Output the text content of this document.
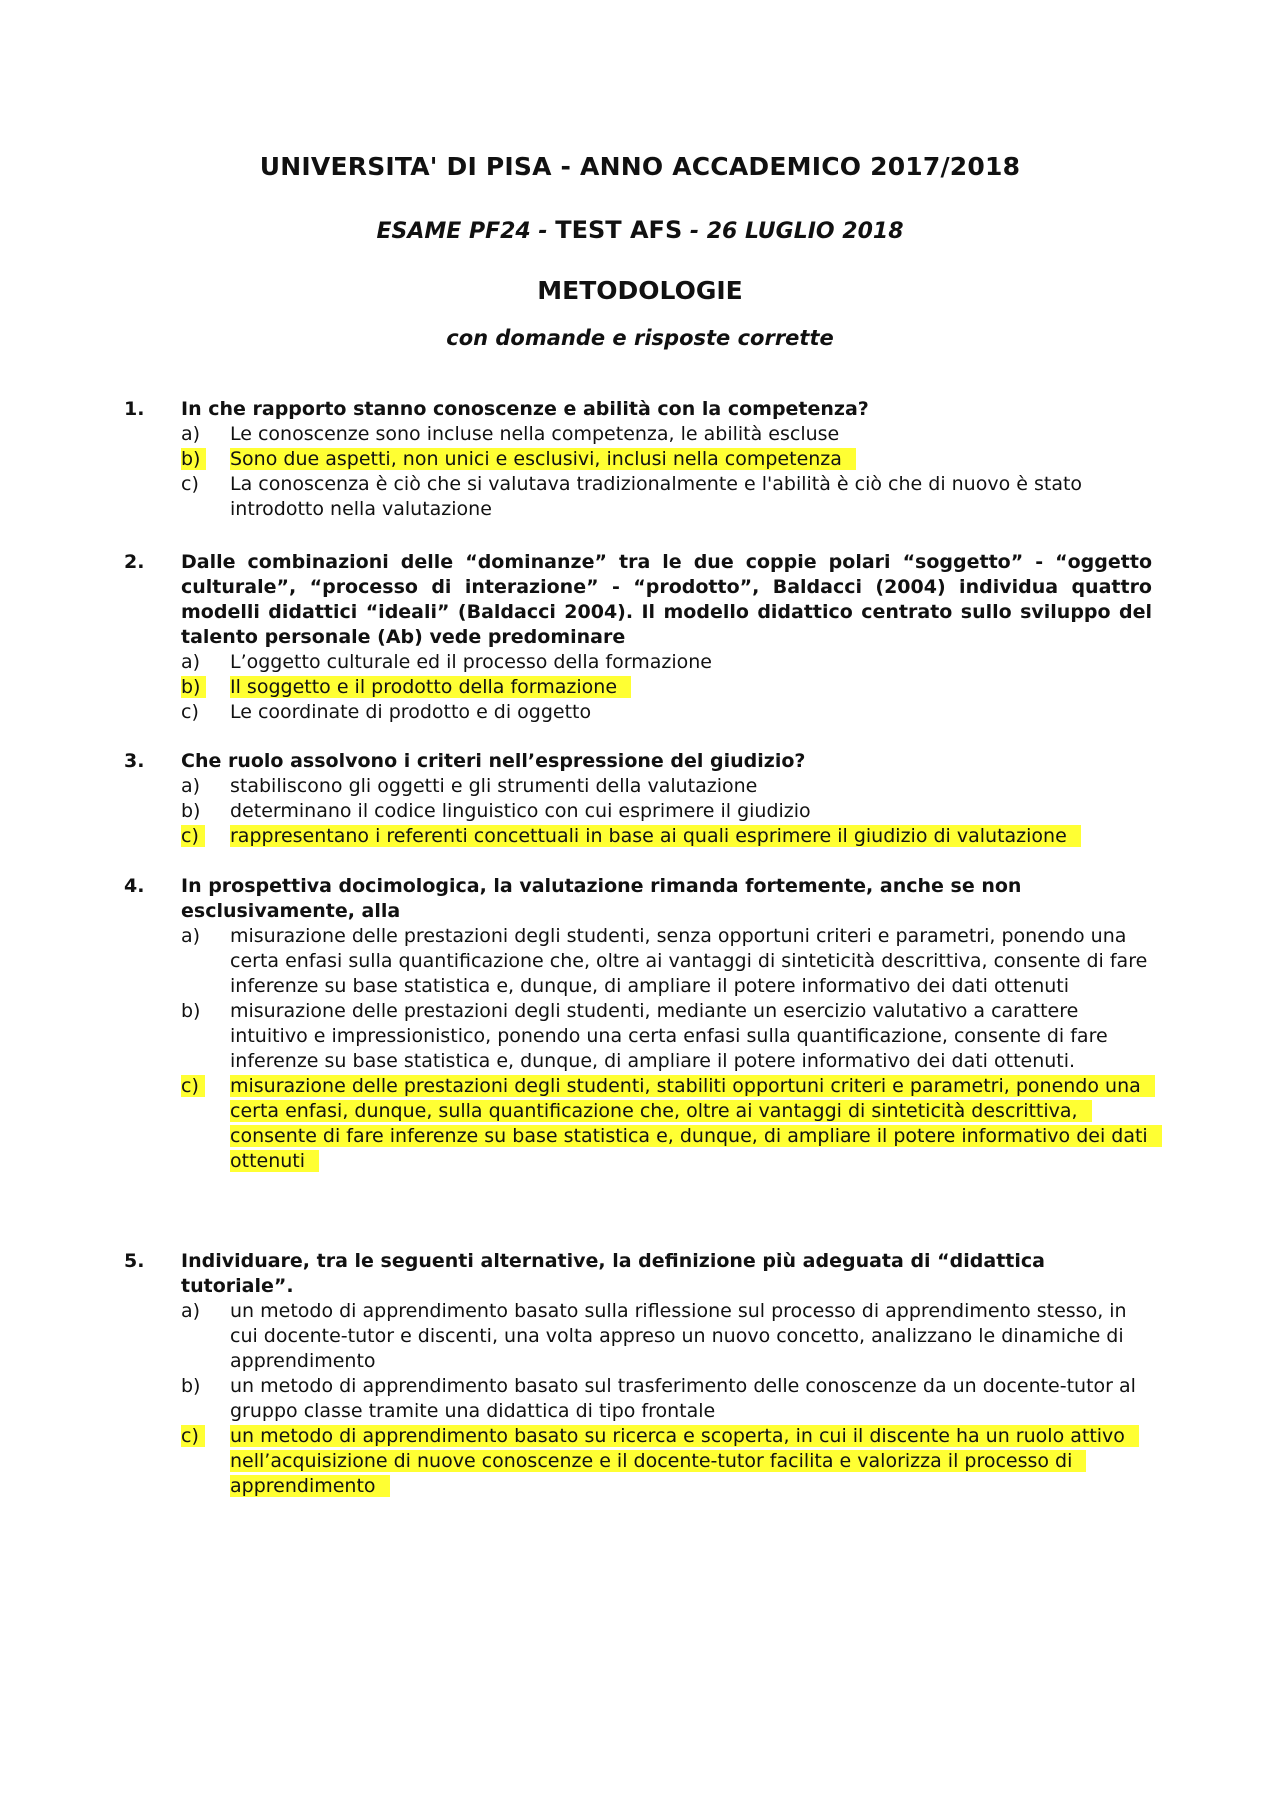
UNIVERSITA' DI PISA - ANNO ACCADEMICO 2017/2018
ESAME PF24 - TEST AFS - 26 LUGLIO 2018
METODOLOGIE
con domande e risposte corrette
1. In che rapporto stanno conoscenze e abilità con la competenza?
a)	Le conoscenze sono incluse nella competenza, le abilità escluse
b)	Sono due aspetti, non unici e esclusivi, inclusi nella competenza
c)	La conoscenza è ciò che si valutava tradizionalmente e l'abilità è ciò che di nuovo è stato introdotto nella valutazione
2. Dalle combinazioni delle “dominanze” tra le due coppie polari “soggetto” - “oggetto culturale”, “processo di interazione” - “prodotto”, Baldacci (2004) individua quattro modelli didattici “ideali” (Baldacci 2004). Il modello didattico centrato sullo sviluppo del talento personale (Ab) vede predominare
a)	L’oggetto culturale ed il processo della formazione
b)	Il soggetto e il prodotto della formazione
c)	Le coordinate di prodotto e di oggetto
3. Che ruolo assolvono i criteri nell’espressione del giudizio?
a)	stabiliscono gli oggetti e gli strumenti della valutazione
b)	determinano il codice linguistico con cui esprimere il giudizio
c)	rappresentano i referenti concettuali in base ai quali esprimere il giudizio di valutazione
4. In prospettiva docimologica, la valutazione rimanda fortemente, anche se non esclusivamente, alla
a)	misurazione delle prestazioni degli studenti, senza opportuni criteri e parametri, ponendo una certa enfasi sulla quantificazione che, oltre ai vantaggi di sinteticità descrittiva, consente di fare inferenze su base statistica e, dunque, di ampliare il potere informativo dei dati ottenuti
b)	misurazione delle prestazioni degli studenti, mediante un esercizio valutativo a carattere intuitivo e impressionistico, ponendo una certa enfasi sulla quantificazione, consente di fare inferenze su base statistica e, dunque, di ampliare il potere informativo dei dati ottenuti.
c)	misurazione delle prestazioni degli studenti, stabiliti opportuni criteri e parametri, ponendo una certa enfasi, dunque, sulla quantificazione che, oltre ai vantaggi di sinteticità descrittiva, consente di fare inferenze su base statistica e, dunque, di ampliare il potere informativo dei dati ottenuti
5. Individuare, tra le seguenti alternative, la definizione più adeguata di “didattica tutoriale”.
a)	un metodo di apprendimento basato sulla riflessione sul processo di apprendimento stesso, in cui docente-tutor e discenti, una volta appreso un nuovo concetto, analizzano le dinamiche di apprendimento
b)	un metodo di apprendimento basato sul trasferimento delle conoscenze da un docente-tutor al gruppo classe tramite una didattica di tipo frontale
c)	un metodo di apprendimento basato su ricerca e scoperta, in cui il discente ha un ruolo attivo nell’acquisizione di nuove conoscenze e il docente-tutor facilita e valorizza il processo di apprendimento
